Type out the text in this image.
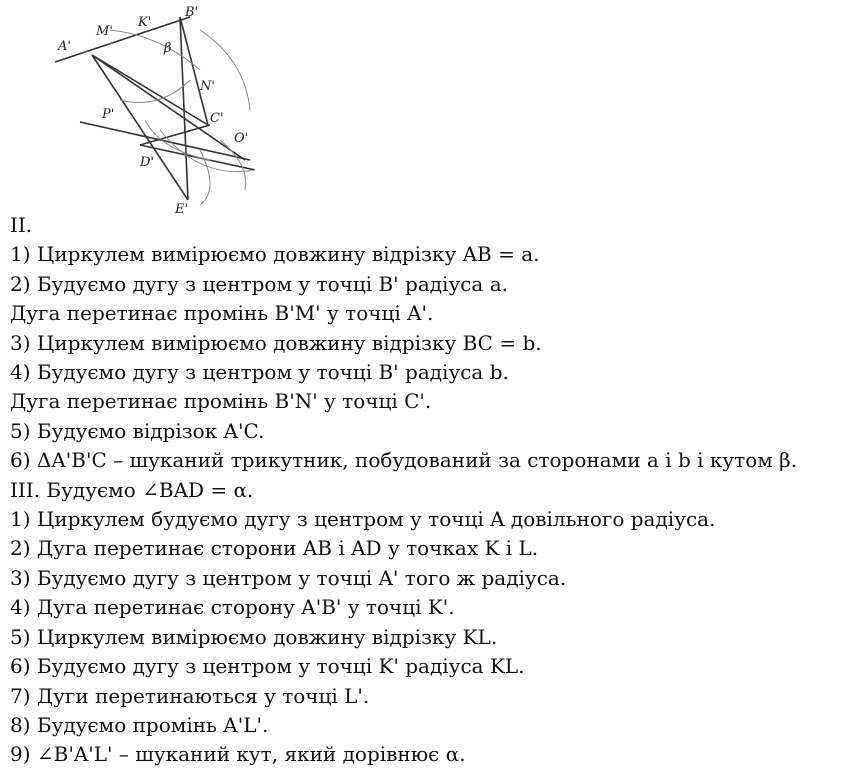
A'
M'
K'
B'
β
N'
P'	C'
O'
D'
E'
II.
1) Циркулем вимірюємо довжину відрізку AB = a.
2) Будуємо дугу з центром у точці B' радіуса a.
Дуга перетинає промінь B'M' у точці A'.
3) Циркулем вимірюємо довжину відрізку BC = b.
4) Будуємо дугу з центром у точці B' радіуса b.
Дуга перетинає промінь B'N' у точці C'.
5) Будуємо відрізок A'C.
6) ΔA'B'C – шуканий трикутник, побудований за сторонами a і b і кутом β.
III. Будуємо ∠BAD = α.
1) Циркулем будуємо дугу з центром у точці A довільного радіуса.
2) Дуга перетинає сторони AB і AD у точках K і L.
3) Будуємо дугу з центром у точці A' того ж радіуса.
4) Дуга перетинає сторону A'B' у точці K'.
5) Циркулем вимірюємо довжину відрізку KL.
6) Будуємо дугу з центром у точці K' радіуса KL.
7) Дуги перетинаються у точці L'.
8) Будуємо промінь A'L'.
9) ∠B'A'L' – шуканий кут, який дорівнює α.
